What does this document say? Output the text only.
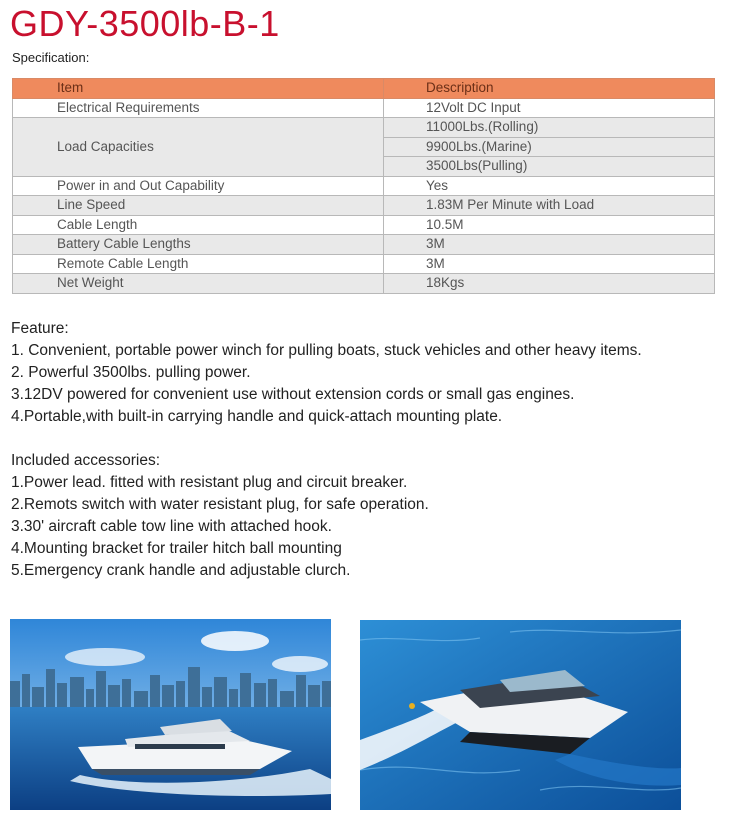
GDY-3500lb-B-1
Specification:
Item	Description
Electrical Requirements	12Volt DC Input
Load Capacities	11000Lbs.(Rolling)
	9900Lbs.(Marine)
	3500Lbs(Pulling)
Power in and Out Capability	Yes
Line Speed	1.83M Per Minute with Load
Cable Length	10.5M
Battery Cable Lengths	3M
Remote Cable Length	3M
Net Weight	18Kgs
Feature:
1. Convenient, portable power winch for pulling boats, stuck vehicles and other heavy items.
2. Powerful 3500lbs. pulling power.
3.12DV powered for convenient use without extension cords or small gas engines.
4.Portable,with built-in carrying handle and quick-attach mounting plate.
Included accessories:
1.Power lead. fitted with resistant plug and circuit breaker.
2.Remots switch with water resistant plug, for safe operation.
3.30' aircraft cable tow line with attached hook.
4.Mounting bracket for trailer hitch ball mounting
5.Emergency crank handle and adjustable clurch.
